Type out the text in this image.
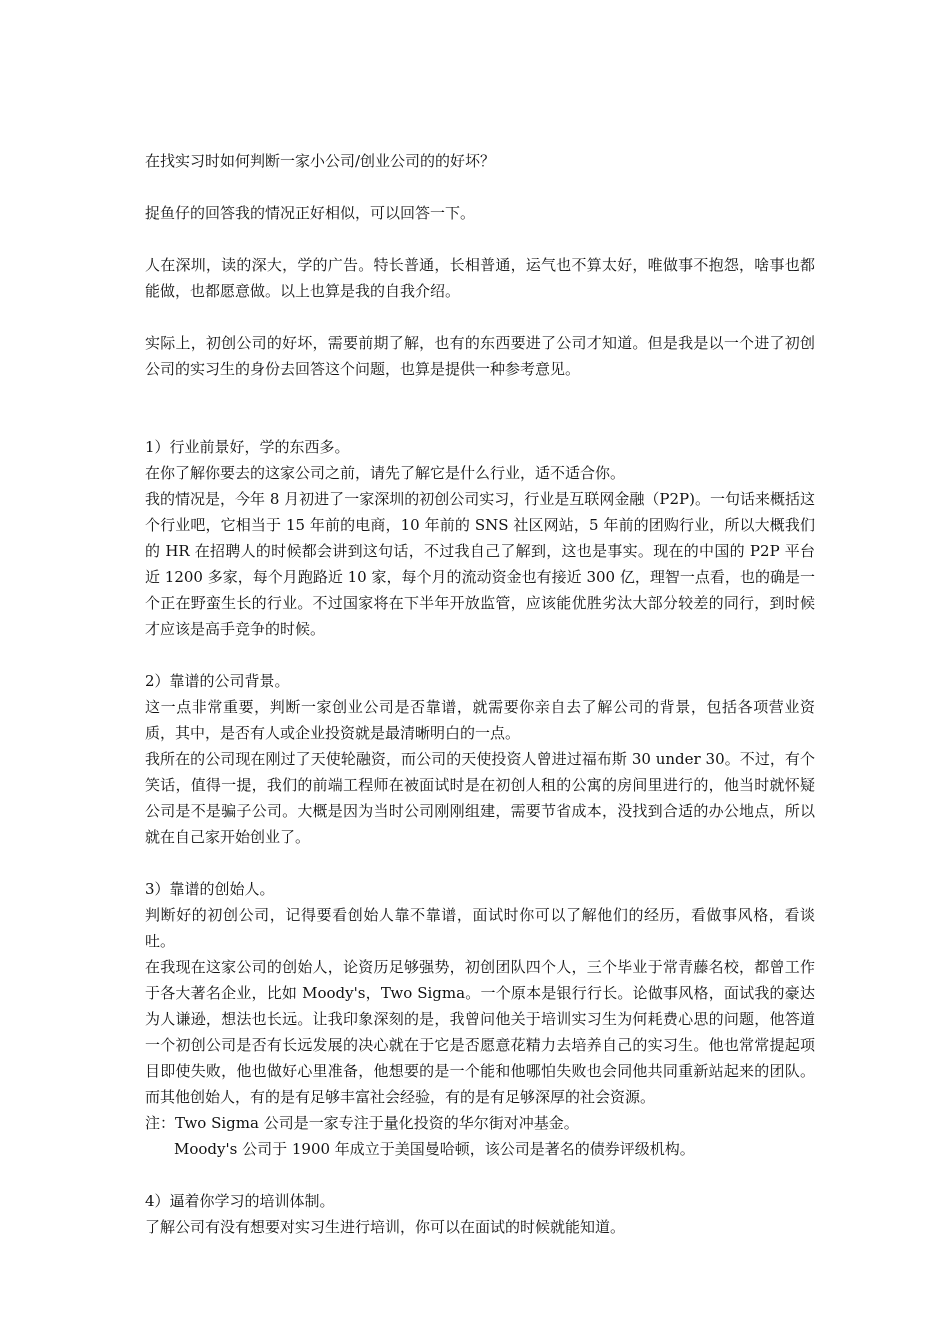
在找实习时如何判断一家小公司/创业公司的的好坏？

捉鱼仔的回答我的情况正好相似，可以回答一下。

人在深圳，读的深大，学的广告。特长普通，长相普通，运气也不算太好，唯做事不抱怨，啥事也都能做，也都愿意做。以上也算是我的自我介绍。

实际上，初创公司的好坏，需要前期了解，也有的东西要进了公司才知道。但是我是以一个进了初创公司的实习生的身份去回答这个问题，也算是提供一种参考意见。

1）行业前景好，学的东西多。

在你了解你要去的这家公司之前，请先了解它是什么行业，适不适合你。

我的情况是，今年 8 月初进了一家深圳的初创公司实习，行业是互联网金融（P2P)。一句话来概括这个行业吧，它相当于 15 年前的电商，10 年前的 SNS 社区网站，5 年前的团购行业，所以大概我们的 HR 在招聘人的时候都会讲到这句话，不过我自己了解到，这也是事实。现在的中国的 P2P 平台近 1200 多家，每个月跑路近 10 家，每个月的流动资金也有接近 300 亿，理智一点看，也的确是一个正在野蛮生长的行业。不过国家将在下半年开放监管，应该能优胜劣汰大部分较差的同行，到时候才应该是高手竞争的时候。

2）靠谱的公司背景。

这一点非常重要，判断一家创业公司是否靠谱，就需要你亲自去了解公司的背景，包括各项营业资质，其中，是否有人或企业投资就是最清晰明白的一点。

我所在的公司现在刚过了天使轮融资，而公司的天使投资人曾进过福布斯 30 under 30。不过，有个笑话，值得一提，我们的前端工程师在被面试时是在初创人租的公寓的房间里进行的，他当时就怀疑公司是不是骗子公司。大概是因为当时公司刚刚组建，需要节省成本，没找到合适的办公地点，所以就在自己家开始创业了。

3）靠谱的创始人。

判断好的初创公司，记得要看创始人靠不靠谱，面试时你可以了解他们的经历，看做事风格，看谈吐。

在我现在这家公司的创始人，论资历足够强势，初创团队四个人，三个毕业于常青藤名校，都曾工作于各大著名企业，比如 Moody's，Two Sigma。一个原本是银行行长。论做事风格，面试我的豪达为人谦逊，想法也长远。让我印象深刻的是，我曾问他关于培训实习生为何耗费心思的问题，他答道一个初创公司是否有长远发展的决心就在于它是否愿意花精力去培养自己的实习生。他也常常提起项目即使失败，他也做好心里准备，他想要的是一个能和他哪怕失败也会同他共同重新站起来的团队。而其他创始人，有的是有足够丰富社会经验，有的是有足够深厚的社会资源。

注：Two Sigma 公司是一家专注于量化投资的华尔街对冲基金。

Moody's 公司于 1900 年成立于美国曼哈顿，该公司是著名的债券评级机构。

4）逼着你学习的培训体制。

了解公司有没有想要对实习生进行培训，你可以在面试的时候就能知道。
